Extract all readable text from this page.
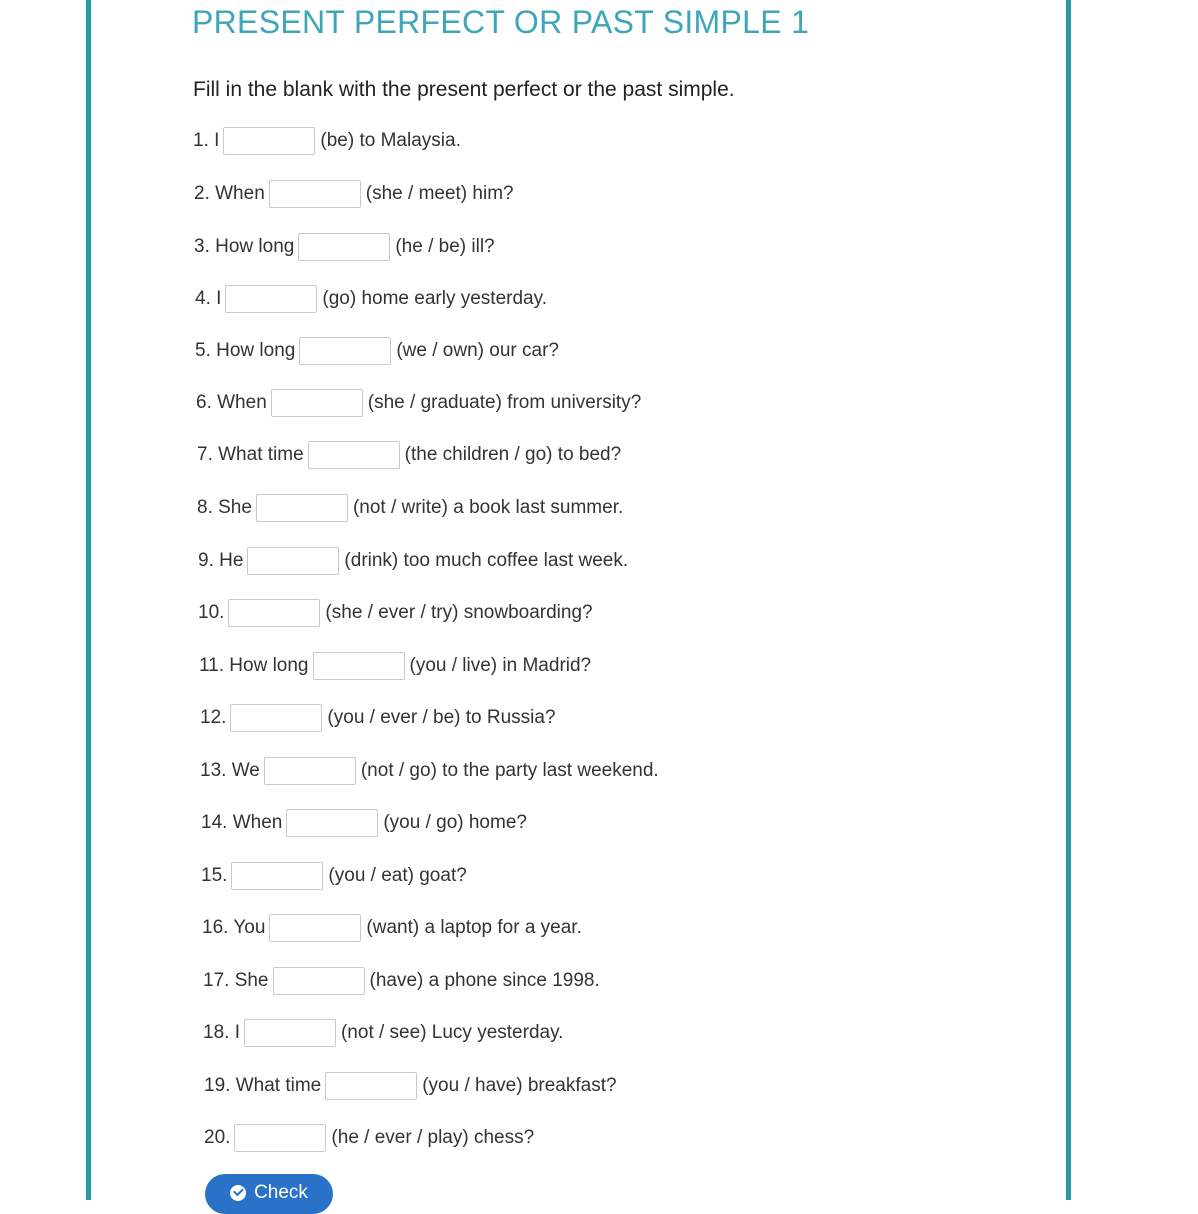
PRESENT PERFECT OR PAST SIMPLE 1
Fill in the blank with the present perfect or the past simple.
1. I	(be) to Malaysia.
2. When	(she / meet) him?
3. How long	(he / be) ill?
4. I	(go) home early yesterday.
5. How long	(we / own) our car?
6. When	(she / graduate) from university?
7. What time	(the children / go) to bed?
8. She	(not / write) a book last summer.
9. He	(drink) too much coffee last week.
10.	(she / ever / try) snowboarding?
11. How long	(you / live) in Madrid?
12.	(you / ever / be) to Russia?
13. We	(not / go) to the party last weekend.
14. When	(you / go) home?
15.	(you / eat) goat?
16. You	(want) a laptop for a year.
17. She	(have) a phone since 1998.
18. I	(not / see) Lucy yesterday.
19. What time	(you / have) breakfast?
20.	(he / ever / play) chess?
Check
